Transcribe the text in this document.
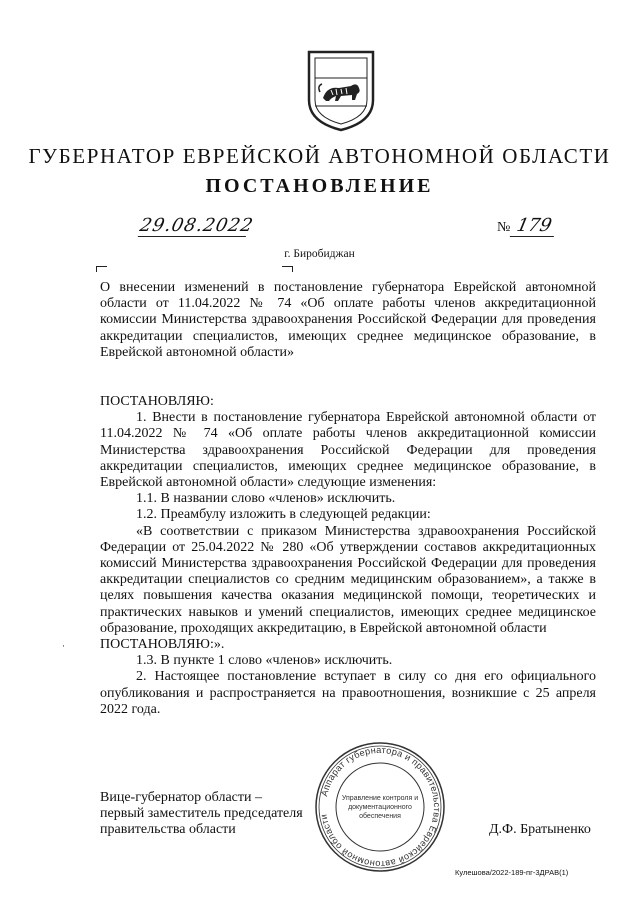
ГУБЕРНАТОР ЕВРЕЙСКОЙ АВТОНОМНОЙ ОБЛАСТИ
ПОСТАНОВЛЕНИЕ
29.08.2022	№ 179
г. Биробиджан

О внесении изменений в постановление губернатора Еврейской автономной области от 11.04.2022 № 74 «Об оплате работы членов аккредитационной комиссии Министерства здравоохранения Российской Федерации для проведения аккредитации специалистов, имеющих среднее медицинское образование, в Еврейской автономной области»

ПОСТАНОВЛЯЮ:

1. Внести в постановление губернатора Еврейской автономной области от 11.04.2022 № 74 «Об оплате работы членов аккредитационной комиссии Министерства здравоохранения Российской Федерации для проведения аккредитации специалистов, имеющих среднее медицинское образование, в Еврейской автономной области» следующие изменения:

1.1. В названии слово «членов» исключить.

1.2. Преамбулу изложить в следующей редакции:

«В соответствии с приказом Министерства здравоохранения Российской Федерации от 25.04.2022 № 280 «Об утверждении составов аккредитационных комиссий Министерства здравоохранения Российской Федерации для проведения аккредитации специалистов со средним медицинским образованием», а также в целях повышения качества оказания медицинской помощи, теоретических и практических навыков и умений специалистов, имеющих среднее медицинское образование, проходящих аккредитацию, в Еврейской автономной области

ПОСТАНОВЛЯЮ:».

1.3. В пункте 1 слово «членов» исключить.

2. Настоящее постановление вступает в силу со дня его официального опубликования и распространяется на правоотношения, возникшие с 25 апреля 2022 года.

Вице-губернатор области –
первый заместитель председателя
правительства области	Д.Ф. Братыненко
Аппарат губернатора и правительства Еврейской автономной области
Управление контроля и
документационного
обеспечения
Кулешова/2022-189-пг-3ДРАВ(1)
·
